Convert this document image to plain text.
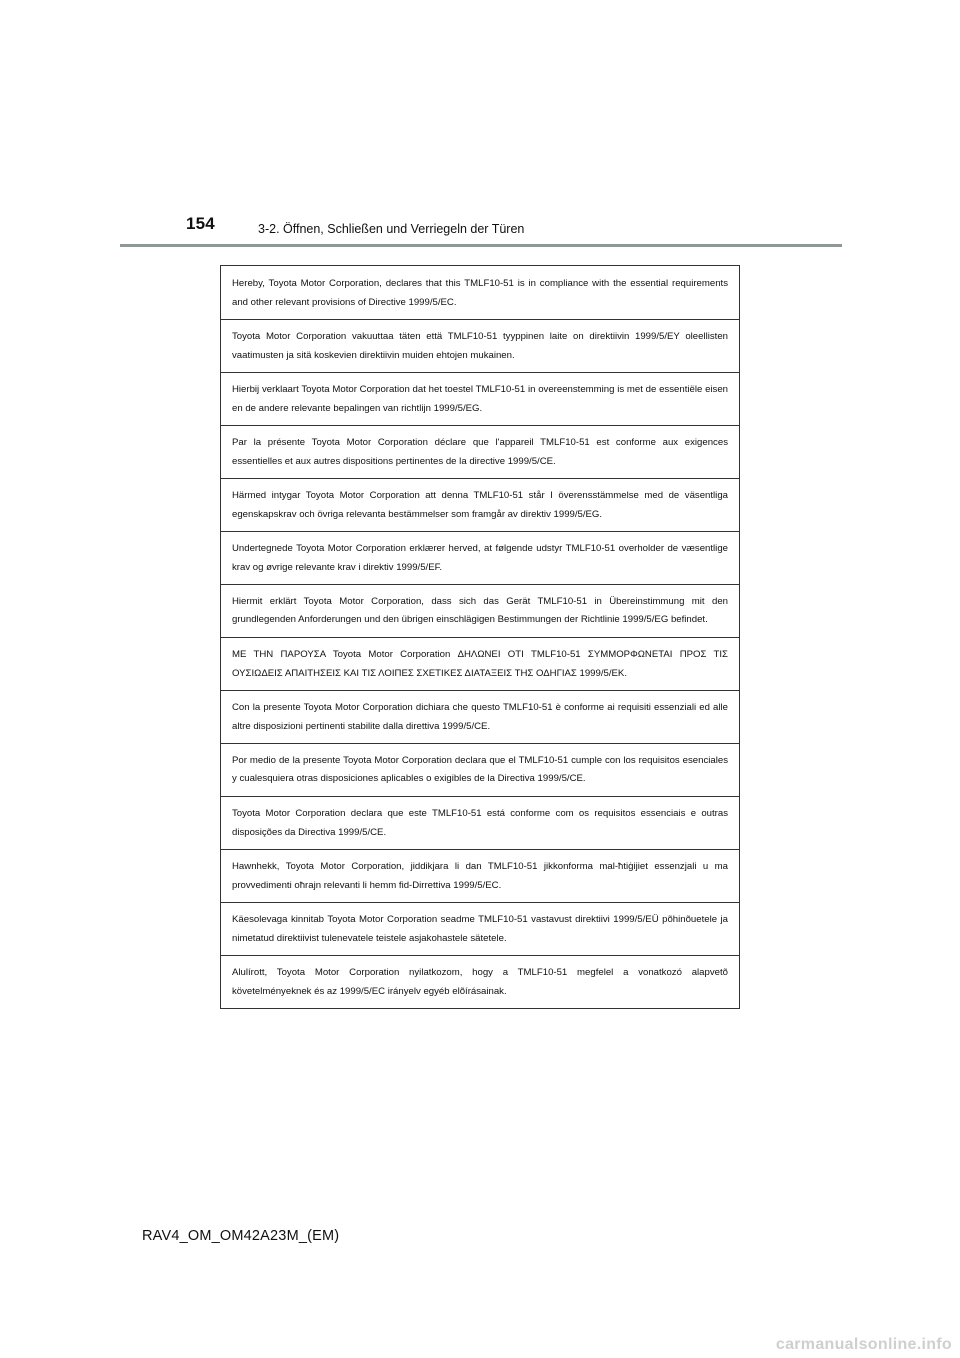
154	3-2. Öffnen, Schließen und Verriegeln der Türen

Hereby, Toyota Motor Corporation, declares that this TMLF10-51 is in compliance with the essential requirements and other relevant provisions of Directive 1999/5/EC.

Toyota Motor Corporation vakuuttaa täten että TMLF10-51 tyyppinen laite on direktiivin 1999/5/EY oleellisten vaatimusten ja sitä koskevien direktiivin muiden ehtojen mukainen.

Hierbij verklaart Toyota Motor Corporation dat het toestel TMLF10-51 in overeenstemming is met de essentiële eisen en de andere relevante bepalingen van richtlijn 1999/5/EG.

Par la présente Toyota Motor Corporation déclare que l'appareil TMLF10-51 est conforme aux exigences essentielles et aux autres dispositions pertinentes de la directive 1999/5/CE.

Härmed intygar Toyota Motor Corporation att denna TMLF10-51 står I överensstämmelse med de väsentliga egenskapskrav och övriga relevanta bestämmelser som framgår av direktiv 1999/5/EG.

Undertegnede Toyota Motor Corporation erklærer herved, at følgende udstyr TMLF10-51 overholder de væsentlige krav og øvrige relevante krav i direktiv 1999/5/EF.

Hiermit erklärt Toyota Motor Corporation, dass sich das Gerät TMLF10-51 in Übereinstimmung mit den grundlegenden Anforderungen und den übrigen einschlägigen Bestimmungen der Richtlinie 1999/5/EG befindet.

ΜΕ ΤΗΝ ΠΑΡΟΥΣΑ Toyota Motor Corporation ΔΗΛΩΝΕΙ ΟΤΙ TMLF10-51 ΣΥΜΜΟΡΦΩΝΕΤΑΙ ΠΡΟΣ ΤΙΣ ΟΥΣΙΩΔΕΙΣ ΑΠΑΙΤΗΣΕΙΣ ΚΑΙ ΤΙΣ ΛΟΙΠΕΣ ΣΧΕΤΙΚΕΣ ΔΙΑΤΑΞΕΙΣ ΤΗΣ ΟΔΗΓΙΑΣ 1999/5/ΕΚ.

Con la presente Toyota Motor Corporation dichiara che questo TMLF10-51 è conforme ai requisiti essenziali ed alle altre disposizioni pertinenti stabilite dalla direttiva 1999/5/CE.

Por medio de la presente Toyota Motor Corporation declara que el TMLF10-51 cumple con los requisitos esenciales y cualesquiera otras disposiciones aplicables o exigibles de la Directiva 1999/5/CE.

Toyota Motor Corporation declara que este TMLF10-51 está conforme com os requisitos essenciais e outras disposições da Directiva 1999/5/CE.

Hawnhekk, Toyota Motor Corporation, jiddikjara li dan TMLF10-51 jikkonforma mal-ħtiġijiet essenzjali u ma provvedimenti oħrajn relevanti li hemm fid-Dirrettiva 1999/5/EC.

Käesolevaga kinnitab Toyota Motor Corporation seadme TMLF10-51 vastavust direktiivi 1999/5/EÜ põhinõuetele ja nimetatud direktiivist tulenevatele teistele asjakohastele sätetele.

Alulírott, Toyota Motor Corporation nyilatkozom, hogy a TMLF10-51 megfelel a vonatkozó alapvetõ követelményeknek és az 1999/5/EC irányelv egyéb elõírásainak.

RAV4_OM_OM42A23M_(EM)
carmanualsonline.info
